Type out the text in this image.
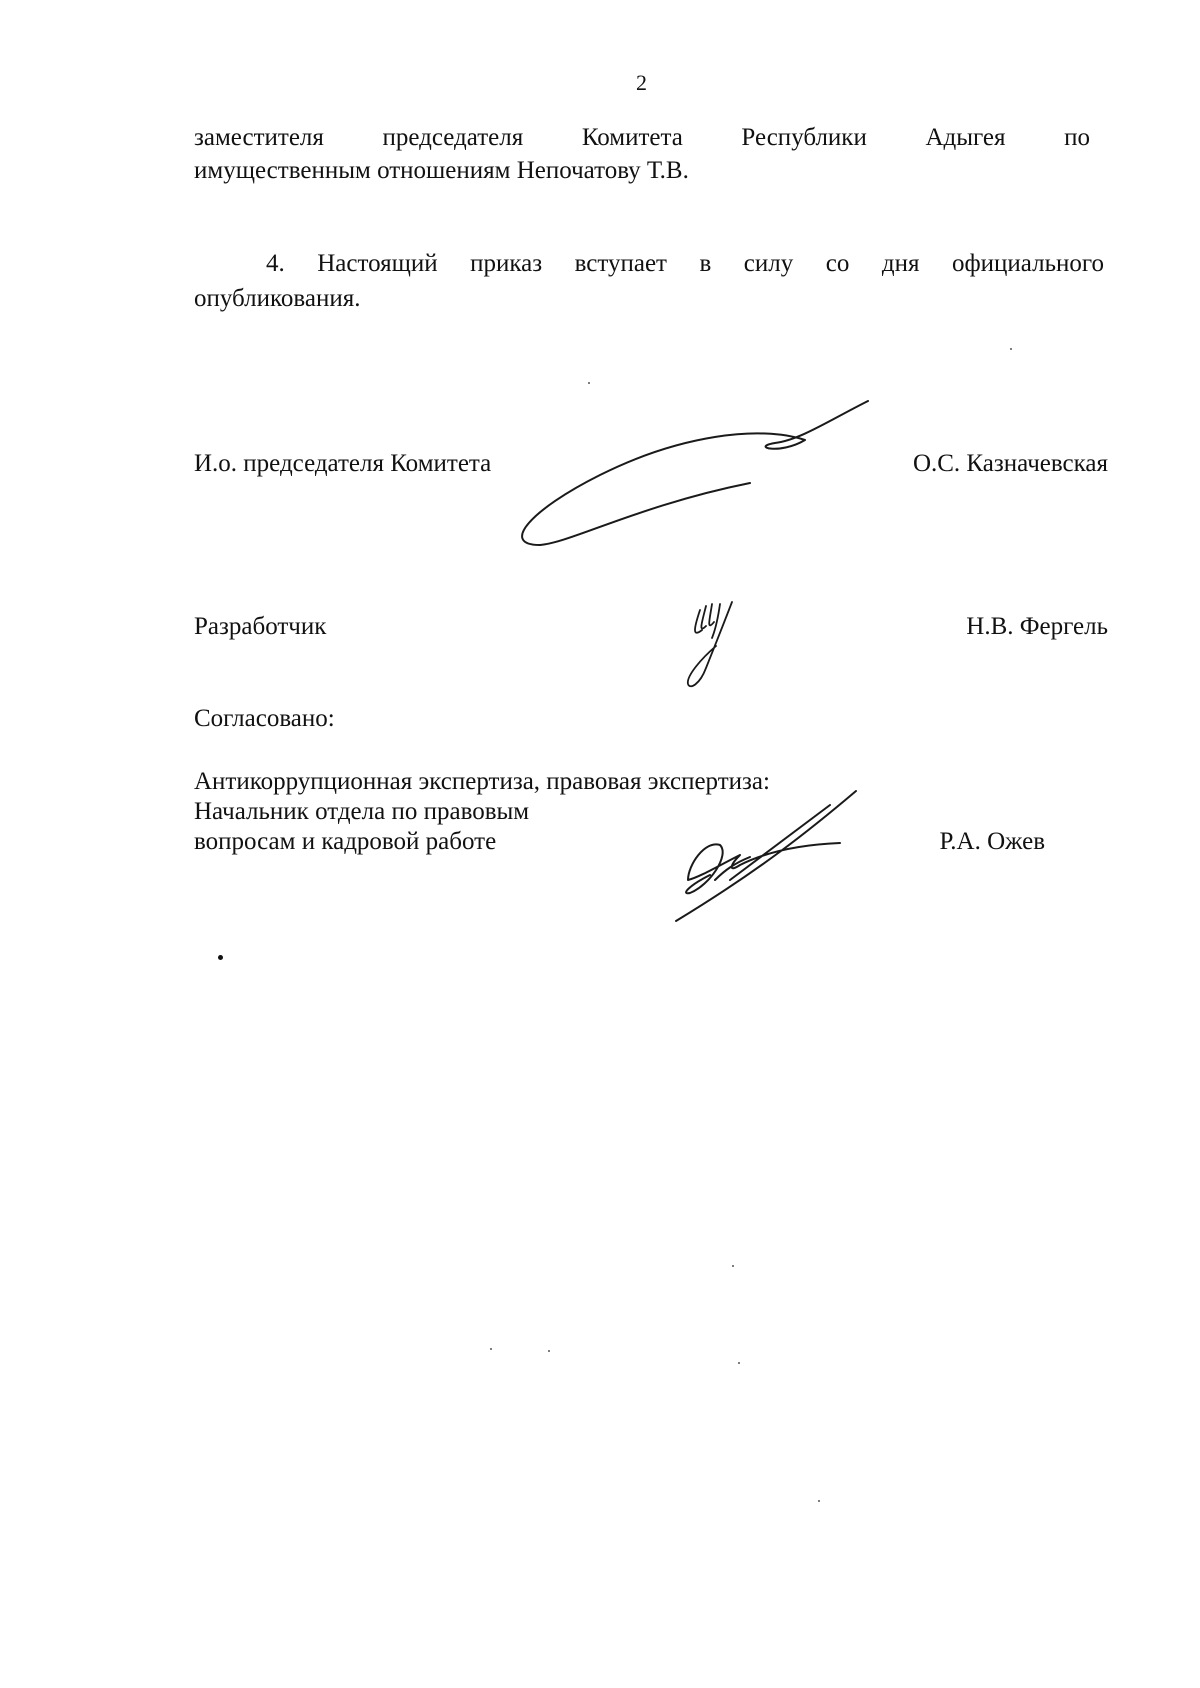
2
заместителя председателя Комитета Республики Адыгея по
имущественным отношениям Непочатову Т.В.
4. Настоящий приказ вступает в силу со дня официального
опубликования.
И.о. председателя Комитета	О.С. Казначевская
Разработчик	Н.В. Фергель
Согласовано:
Антикоррупционная экспертиза, правовая экспертиза:
Начальник отдела по правовым
вопросам и кадровой работе	Р.А. Ожев
